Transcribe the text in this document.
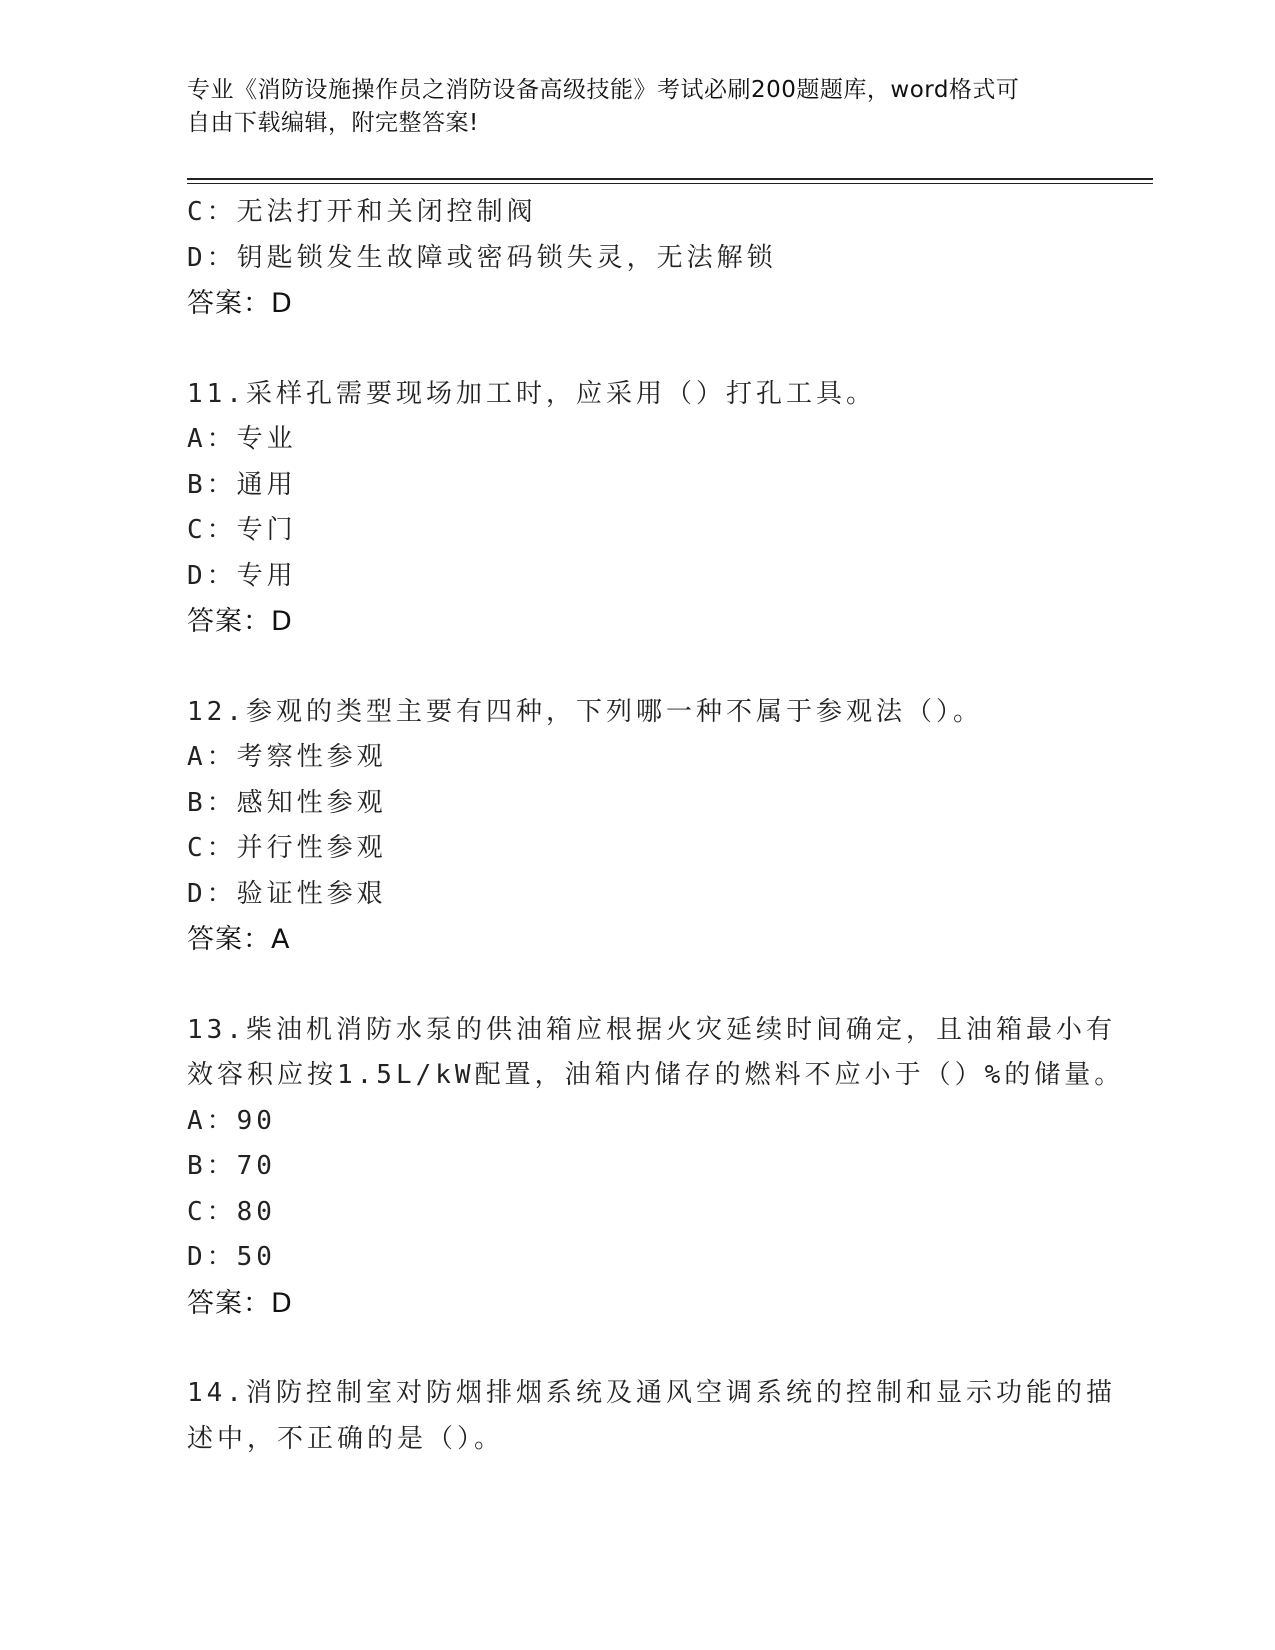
专业《消防设施操作员之消防设备高级技能》考试必刷200题题库，word格式可
自由下载编辑，附完整答案!
C：无法打开和关闭控制阀
D：钥匙锁发生故障或密码锁失灵，无法解锁
答案：D
11.采样孔需要现场加工时，应采用（）打孔工具。
A：专业
B：通用
C：专门
D：专用
答案：D
12.参观的类型主要有四种，下列哪一种不属于参观法（）。
A：考察性参观
B：感知性参观
C：并行性参观
D：验证性参艰
答案：A
13.柴油机消防水泵的供油箱应根据火灾延续时间确定，且油箱最小有
效容积应按1.5L/kW配置，油箱内储存的燃料不应小于（）%的储量。
A：90
B：70
C：80
D：50
答案：D
14.消防控制室对防烟排烟系统及通风空调系统的控制和显示功能的描
述中，不正确的是（）。
